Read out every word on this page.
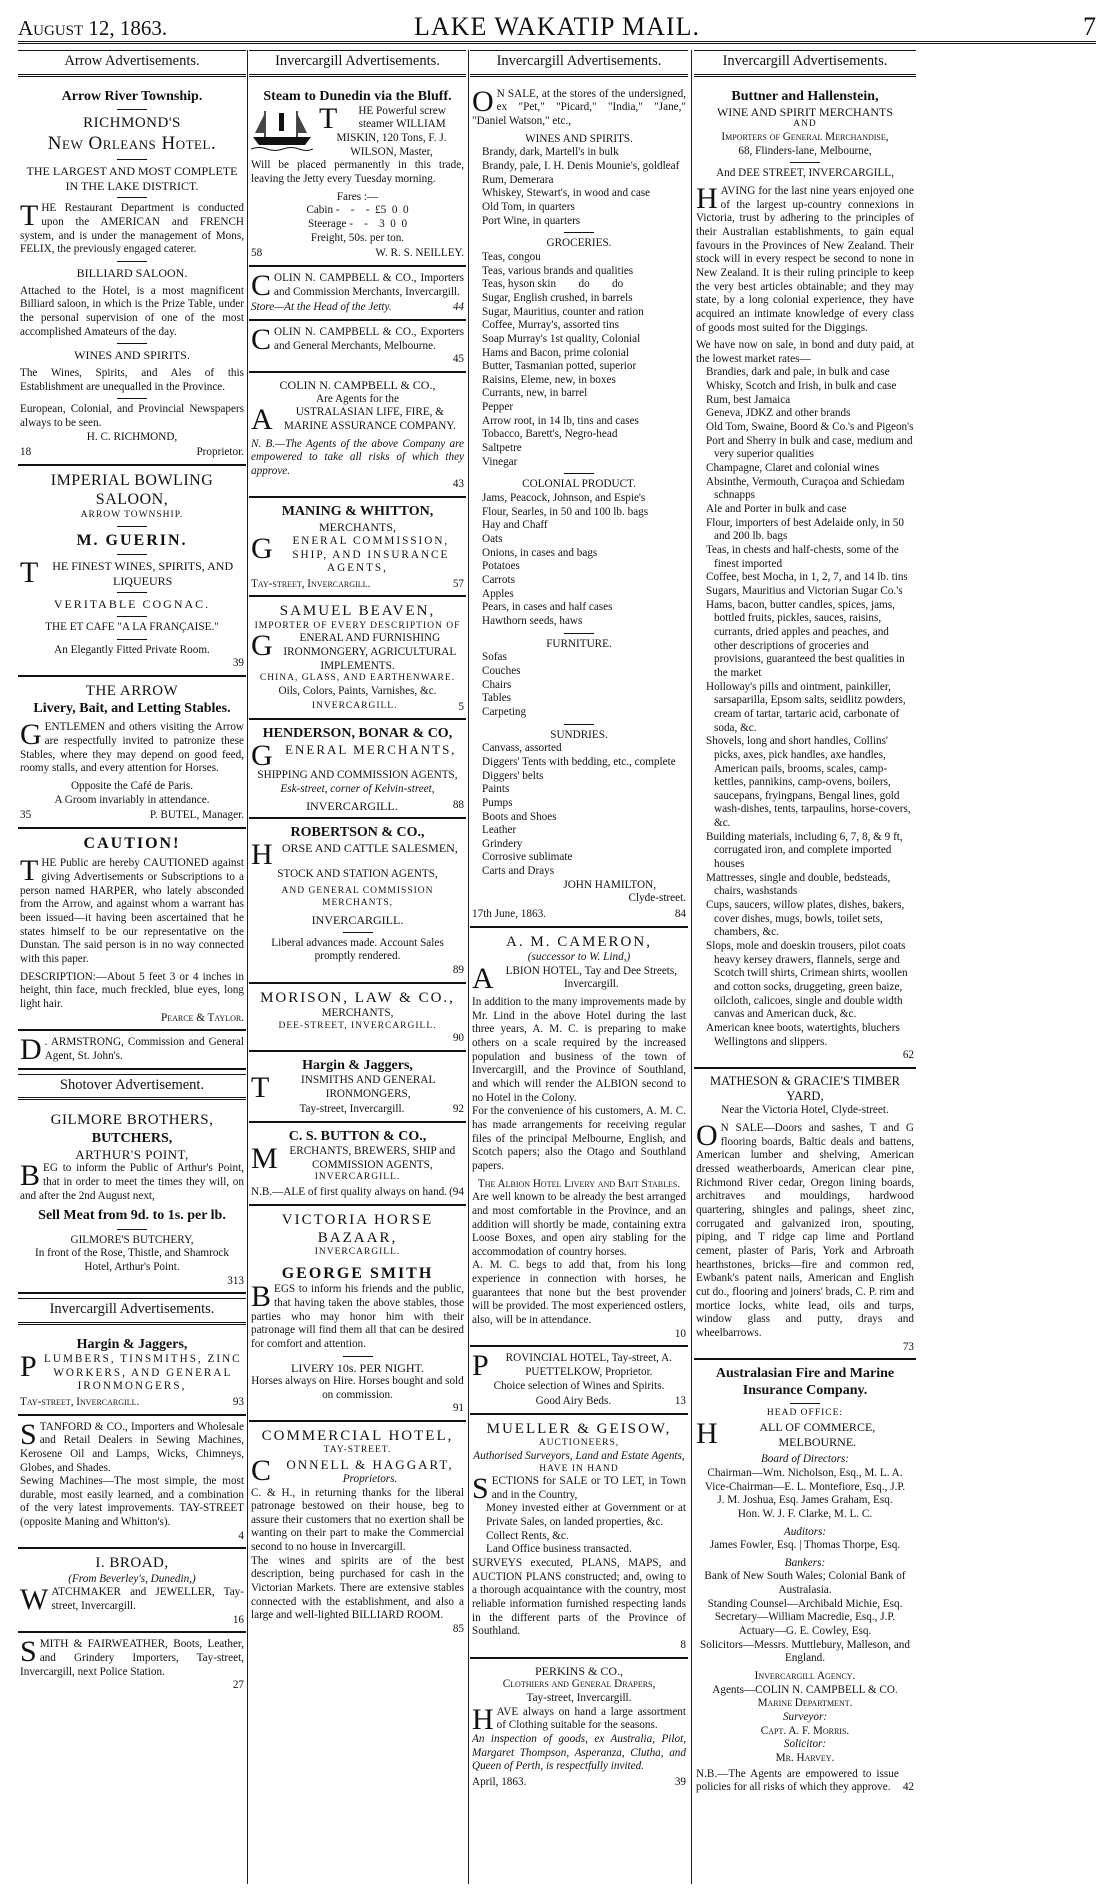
August 12, 1863.	LAKE WAKATIP MAIL.	7
Arrow Advertisements.
Arrow River Township.
RICHMOND'S
New Orleans Hotel.
THE LARGEST AND MOST COMPLETE IN THE LAKE DISTRICT.
THE Restaurant Department is conducted upon the AMERICAN and FRENCH system, and is under the management of Mons, FELIX, the previously engaged caterer.
BILLIARD SALOON.
Attached to the Hotel, is a most magnificent Billiard saloon, in which is the Prize Table, under the personal supervision of one of the most accomplished Amateurs of the day.
WINES AND SPIRITS.
The Wines, Spirits, and Ales of this Establishment are unequalled in the Province.
European, Colonial, and Provincial Newspapers always to be seen.
H. C. RICHMOND,
18	Proprietor.
IMPERIAL BOWLING SALOON,
ARROW TOWNSHIP.
M. GUERIN.
T HE FINEST WINES, SPIRITS, AND LIQUEURS
VERITABLE COGNAC.
THE ET CAFE "A LA FRANÇAISE."
An Elegantly Fitted Private Room.
39
THE ARROW
Livery, Bait, and Letting Stables.
GENTLEMEN and others visiting the Arrow are respectfully invited to patronize these Stables, where they may depend on good feed, roomy stalls, and every attention for Horses.
Opposite the Café de Paris.
A Groom invariably in attendance.
35	P. BUTEL, Manager.
CAUTION!
THE Public are hereby CAUTIONED against giving Advertisements or Subscriptions to a person named HARPER, who lately absconded from the Arrow, and against whom a warrant has been issued—it having been ascertained that he states himself to be our representative on the Dunstan. The said person is in no way connected with this paper.
DESCRIPTION:—About 5 feet 3 or 4 inches in height, thin face, much freckled, blue eyes, long light hair.
Pearce & Taylor.
D . ARMSTRONG, Commission and General Agent, St. John's.
Shotover Advertisement.
GILMORE BROTHERS,
BUTCHERS,
ARTHUR'S POINT,
BEG to inform the Public of Arthur's Point, that in order to meet the times they will, on and after the 2nd August next,
Sell Meat from 9d. to 1s. per lb.
GILMORE'S BUTCHERY,
In front of the Rose, Thistle, and Shamrock Hotel, Arthur's Point.
313
Invercargill Advertisements.
Hargin & Jaggers,
PLUMBERS, TINSMITHS, ZINC WORKERS, AND GENERAL IRONMONGERS,
Tay-street, Invercargill.	93
STANFORD & CO., Importers and Wholesale and Retail Dealers in Sewing Machines, Kerosene Oil and Lamps, Wicks, Chimneys, Globes, and Shades.
Sewing Machines—The most simple, the most durable, most easily learned, and a combination of the very latest improvements. TAY-STREET (opposite Maning and Whitton's).
4
I. BROAD,
(From Beverley's, Dunedin,)
WATCHMAKER and JEWELLER, Tay-street, Invercargill.
16
SMITH & FAIRWEATHER, Boots, Leather, and Grindery Importers, Tay-street, Invercargill, next Police Station.
27
Invercargill Advertisements.
Steam to Dunedin via the Bluff.
T HE Powerful screw steamer WILLIAM MISKIN, 120 Tons, F. J. WILSON, Master,
Will be placed permanently in this trade, leaving the Jetty every Tuesday morning.
Fares :—
Cabin -    -    -  £5  0  0
Steerage -    -    3  0  0
Freight, 50s. per ton.
58	W. R. S. NEILLEY.
COLIN N. CAMPBELL & CO., Importers and Commission Merchants, Invercargill.
Store—At the Head of the Jetty.	44
COLIN N. CAMPBELL & CO., Exporters and General Merchants, Melbourne.
45
COLIN N. CAMPBELL & CO.,
Are Agents for the
A USTRALASIAN LIFE, FIRE, & MARINE ASSURANCE COMPANY.
N. B.—The Agents of the above Company are empowered to take all risks of which they approve.
43
MANING & WHITTON,
MERCHANTS,
G ENERAL COMMISSION, SHIP, AND INSURANCE AGENTS,
Tay-street, Invercargill.	57
SAMUEL BEAVEN,
IMPORTER OF EVERY DESCRIPTION OF
G ENERAL AND FURNISHING IRONMONGERY, AGRICULTURAL IMPLEMENTS.
CHINA, GLASS, AND EARTHENWARE.
Oils, Colors, Paints, Varnishes, &c.
INVERCARGILL.	5
HENDERSON, BONAR & CO,
GENERAL MERCHANTS,
SHIPPING AND COMMISSION AGENTS,
Esk-street, corner of Kelvin-street,
INVERCARGILL.	88
ROBERTSON & CO.,
HORSE AND CATTLE SALESMEN,
STOCK AND STATION AGENTS,
AND GENERAL COMMISSION MERCHANTS,
INVERCARGILL.
Liberal advances made. Account Sales promptly rendered.
89
MORISON, LAW & CO.,
MERCHANTS,
DEE-STREET, INVERCARGILL.
90
Hargin & Jaggers,
T	INSMITHS AND GENERAL IRONMONGERS,
Tay-street, Invercargill.	92
C. S. BUTTON & CO.,
M ERCHANTS, BREWERS, SHIP and COMMISSION AGENTS,
INVERCARGILL.
N.B.—ALE of first quality always on hand. (94
VICTORIA HORSE BAZAAR,
INVERCARGILL.
GEORGE SMITH
BEGS to inform his friends and the public, that having taken the above stables, those parties who may honor him with their patronage will find them all that can be desired for comfort and attention.
LIVERY 10s. PER NIGHT.
Horses always on Hire. Horses bought and sold on commission.
91
COMMERCIAL HOTEL,
TAY-STREET.
C ONNELL & HAGGART,
Proprietors.
C. & H., in returning thanks for the liberal patronage bestowed on their house, beg to assure their customers that no exertion shall be wanting on their part to make the Commercial second to no house in Invercargill.
The wines and spirits are of the best description, being purchased for cash in the Victorian Markets. There are extensive stables connected with the establishment, and also a large and well-lighted BILLIARD ROOM.
85
Invercargill Advertisements.
O N SALE, at the stores of the undersigned, ex "Pet," "Picard," "India," "Jane," "Daniel Watson," etc.,
WINES AND SPIRITS.
Brandy, dark, Martell's in bulk
Brandy, pale, I. H. Denis Mounie's, goldleaf
Rum, Demerara
Whiskey, Stewart's, in wood and case
Old Tom, in quarters
Port Wine, in quarters
GROCERIES.
Teas, congou
Teas, various brands and qualities
Teas, hyson skin        do        do
Sugar, English crushed, in barrels
Sugar, Mauritius, counter and ration
Coffee, Murray's, assorted tins
Soap Murray's 1st quality, Colonial
Hams and Bacon, prime colonial
Butter, Tasmanian potted, superior
Raisins, Eleme, new, in boxes
Currants, new, in barrel
Pepper
Arrow root, in 14 lb, tins and cases
Tobacco, Barett's, Negro-head
Saltpetre
Vinegar
COLONIAL PRODUCT.
Jams, Peacock, Johnson, and Espie's
Flour, Searles, in 50 and 100 lb. bags
Hay and Chaff
Oats
Onions, in cases and bags
Potatoes
Carrots
Apples
Pears, in cases and half cases
Hawthorn seeds, haws
FURNITURE.
Sofas
Couches
Chairs
Tables
Carpeting
SUNDRIES.
Canvass, assorted
Diggers' Tents with bedding, etc., complete
Diggers' belts
Paints
Pumps
Boots and Shoes
Leather
Grindery
Corrosive sublimate
Carts and Drays
JOHN HAMILTON,
Clyde-street.
17th June, 1863.	84
A. M. CAMERON,
(successor to W. Lind,)
A LBION HOTEL, Tay and Dee Streets, Invercargill.
In addition to the many improvements made by Mr. Lind in the above Hotel during the last three years, A. M. C. is preparing to make others on a scale required by the increased population and business of the town of Invercargill, and the Province of Southland, and which will render the ALBION second to no Hotel in the Colony.
For the convenience of his customers, A. M. C. has made arrangements for receiving regular files of the principal Melbourne, English, and Scotch papers; also the Otago and Southland papers.
The Albion Hotel Livery and Bait Stables.
Are well known to be already the best arranged and most comfortable in the Province, and an addition will shortly be made, containing extra Loose Boxes, and open airy stabling for the accommodation of country horses.
A. M. C. begs to add that, from his long experience in connection with horses, he guarantees that none but the best provender will be provided. The most experienced ostlers, also, will be in attendance.
10
P ROVINCIAL HOTEL, Tay-street, A. PUETTELKOW, Proprietor.
Choice selection of Wines and Spirits.
Good Airy Beds.	13
MUELLER & GEISOW,
AUCTIONEERS,
Authorised Surveyors, Land and Estate Agents,
HAVE IN HAND
SECTIONS for SALE or TO LET, in Town and in the Country,
Money invested either at Government or at Private Sales, on landed properties, &c.
Collect Rents, &c.
Land Office business transacted.
SURVEYS executed, PLANS, MAPS, and AUCTION PLANS constructed; and, owing to a thorough acquaintance with the country, most reliable information furnished respecting lands in the different parts of the Province of Southland.
8
PERKINS & CO.,
Clothiers and General Drapers,
Tay-street, Invercargill.
HAVE always on hand a large assortment of Clothing suitable for the seasons.
An inspection of goods, ex Australia, Pilot, Margaret Thompson, Asperanza, Clutha, and Queen of Perth, is respectfully invited.
April, 1863.	39
Invercargill Advertisements.
Buttner and Hallenstein,
WINE AND SPIRIT MERCHANTS
AND
Importers of General Merchandise,
68, Flinders-lane, Melbourne,
And DEE STREET, INVERCARGILL,
HAVING for the last nine years enjoyed one of the largest up-country connexions in Victoria, trust by adhering to the principles of their Australian establishments, to gain equal favours in the Provinces of New Zealand. Their stock will in every respect be second to none in New Zealand. It is their ruling principle to keep the very best articles obtainable; and they may state, by a long colonial experience, they have acquired an intimate knowledge of every class of goods most suited for the Diggings.
We have now on sale, in bond and duty paid, at the lowest market rates—
Brandies, dark and pale, in bulk and case
Whisky, Scotch and Irish, in bulk and case
Rum, best Jamaica
Geneva, JDKZ and other brands
Old Tom, Swaine, Boord & Co.'s and Pigeon's
Port and Sherry in bulk and case, medium and very superior qualities
Champagne, Claret and colonial wines
Absinthe, Vermouth, Curaçoa and Schiedam schnapps
Ale and Porter in bulk and case
Flour, importers of best Adelaide only, in 50 and 200 lb. bags
Teas, in chests and half-chests, some of the finest imported
Coffee, best Mocha, in 1, 2, 7, and 14 lb. tins
Sugars, Mauritius and Victorian Sugar Co.'s
Hams, bacon, butter candles, spices, jams, bottled fruits, pickles, sauces, raisins, currants, dried apples and peaches, and other descriptions of groceries and provisions, guaranteed the best qualities in the market
Holloway's pills and ointment, painkiller, sarsaparilla, Epsom salts, seidlitz powders, cream of tartar, tartaric acid, carbonate of soda, &c.
Shovels, long and short handles, Collins' picks, axes, pick handles, axe handles, American pails, brooms, scales, camp-kettles, pannikins, camp-ovens, boilers, saucepans, fryingpans, Bengal lines, gold wash-dishes, tents, tarpaulins, horse-covers, &c.
Building materials, including 6, 7, 8, & 9 ft, corrugated iron, and complete imported houses
Mattresses, single and double, bedsteads, chairs, washstands
Cups, saucers, willow plates, dishes, bakers, cover dishes, mugs, bowls, toilet sets, chambers, &c.
Slops, mole and doeskin trousers, pilot coats heavy kersey drawers, flannels, serge and Scotch twill shirts, Crimean shirts, woollen and cotton socks, druggeting, green baize, oilcloth, calicoes, single and double width canvas and American duck, &c.
American knee boots, watertights, bluchers Wellingtons and slippers.
62
MATHESON & GRACIE'S TIMBER YARD,
Near the Victoria Hotel, Clyde-street.
O N SALE—Doors and sashes, T and G flooring boards, Baltic deals and battens, American lumber and shelving, American dressed weatherboards, American clear pine, Richmond River cedar, Oregon lining boards, architraves and mouldings, hardwood quartering, shingles and palings, sheet zinc, corrugated and galvanized iron, spouting, piping, and T ridge cap lime and Portland cement, plaster of Paris, York and Arbroath hearthstones, bricks—fire and common red, Ewbank's patent nails, American and English cut do., flooring and joiners' brads, C. P. rim and mortice locks, white lead, oils and turps, window glass and putty, drays and wheelbarrows.
73
Australasian Fire and Marine Insurance Company.
HEAD OFFICE:
H	ALL OF COMMERCE, MELBOURNE.
Board of Directors:
Chairman—Wm. Nicholson, Esq., M. L. A.
Vice-Chairman—E. L. Montefiore, Esq., J.P.
J. M. Joshua, Esq. James Graham, Esq.
Hon. W. J. F. Clarke, M. L. C.
Auditors:
James Fowler, Esq. | Thomas Thorpe, Esq.
Bankers:
Bank of New South Wales; Colonial Bank of Australasia.
Standing Counsel—Archibald Michie, Esq.
Secretary—William Macredie, Esq., J.P.
Actuary—G. E. Cowley, Esq.
Solicitors—Messrs. Muttlebury, Malleson, and England.
Invercargill Agency.
Agents—COLIN N. CAMPBELL & CO.
Marine Department.
Surveyor:
Capt. A. F. Morris.
Solicitor:
Mr. Harvey.
N.B.—The Agents are empowered to issue policies for all risks of which they approve.	42
